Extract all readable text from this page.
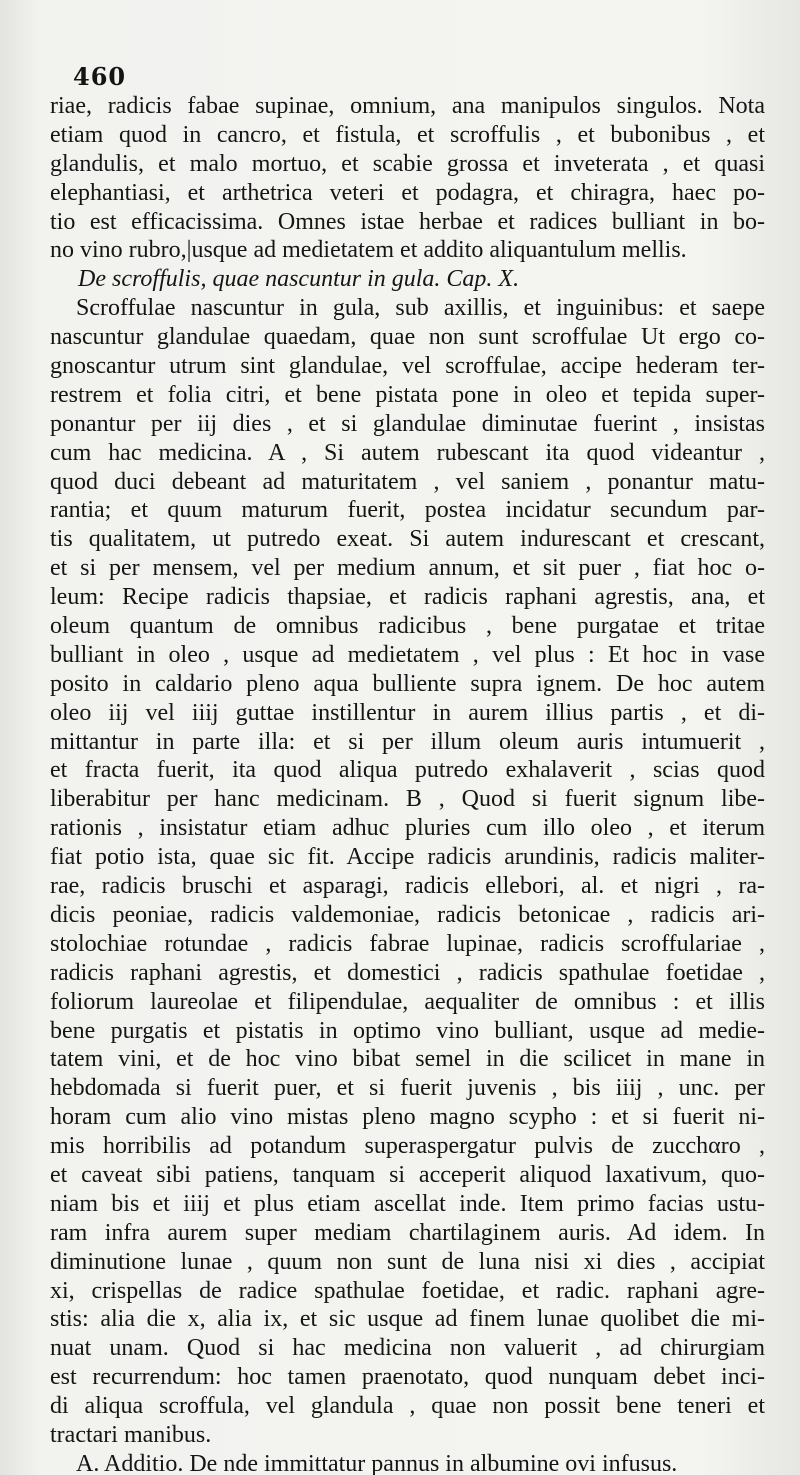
460
riae, radicis fabae supinae, omnium, ana manipulos singulos. Nota
etiam quod in cancro, et fistula, et scroffulis , et bubonibus , et
glandulis, et malo mortuo, et scabie grossa et inveterata , et quasi
elephantiasi, et arthetrica veteri et podagra, et chiragra, haec po-
tio est efficacissima. Omnes istae herbae et radices bulliant in bo-
no vino rubro,|usque ad medietatem et addito aliquantulum mellis.
De scroffulis, quae nascuntur in gula. Cap. X.
Scroffulae nascuntur in gula, sub axillis, et inguinibus: et saepe
nascuntur glandulae quaedam, quae non sunt scroffulae Ut ergo co-
gnoscantur utrum sint glandulae, vel scroffulae, accipe hederam ter-
restrem et folia citri, et bene pistata pone in oleo et tepida super-
ponantur per iij dies , et si glandulae diminutae fuerint , insistas
cum hac medicina. A , Si autem rubescant ita quod videantur ,
quod duci debeant ad maturitatem , vel saniem , ponantur matu-
rantia; et quum maturum fuerit, postea incidatur secundum par-
tis qualitatem, ut putredo exeat. Si autem indurescant et crescant,
et si per mensem, vel per medium annum, et sit puer , fiat hoc o-
leum: Recipe radicis thapsiae, et radicis raphani agrestis, ana, et
oleum quantum de omnibus radicibus , bene purgatae et tritae
bulliant in oleo , usque ad medietatem , vel plus : Et hoc in vase
posito in caldario pleno aqua bulliente supra ignem. De hoc autem
oleo iij vel iiij guttae instillentur in aurem illius partis , et di-
mittantur in parte illa: et si per illum oleum auris intumuerit ,
et fracta fuerit, ita quod aliqua putredo exhalaverit , scias quod
liberabitur per hanc medicinam. B , Quod si fuerit signum libe-
rationis , insistatur etiam adhuc pluries cum illo oleo , et iterum
fiat potio ista, quae sic fit. Accipe radicis arundinis, radicis maliter-
rae, radicis bruschi et asparagi, radicis ellebori, al. et nigri , ra-
dicis peoniae, radicis valdemoniae, radicis betonicae , radicis ari-
stolochiae rotundae , radicis fabrae lupinae, radicis scroffulariae ,
radicis raphani agrestis, et domestici , radicis spathulae foetidae ,
foliorum laureolae et filipendulae, aequaliter de omnibus : et illis
bene purgatis et pistatis in optimo vino bulliant, usque ad medie-
tatem vini, et de hoc vino bibat semel in die scilicet in mane in
hebdomada si fuerit puer, et si fuerit juvenis , bis iiij , unc. per
horam cum alio vino mistas pleno magno scypho : et si fuerit ni-
mis horribilis ad potandum superaspergatur pulvis de zucchαro ,
et caveat sibi patiens, tanquam si acceperit aliquod laxativum, quo-
niam bis et iiij et plus etiam ascellat inde. Item primo facias ustu-
ram infra aurem super mediam chartilaginem auris. Ad idem. In
diminutione lunae , quum non sunt de luna nisi xi dies , accipiat
xi, crispellas de radice spathulae foetidae, et radic. raphani agre-
stis: alia die x, alia ix, et sic usque ad finem lunae quolibet die mi-
nuat unam. Quod si hac medicina non valuerit , ad chirurgiam
est recurrendum: hoc tamen praenotato, quod nunquam debet inci-
di aliqua scroffula, vel glandula , quae non possit bene teneri et
tractari manibus.
A. Additio. De nde immittatur pannus in albumine ovi infusus.
